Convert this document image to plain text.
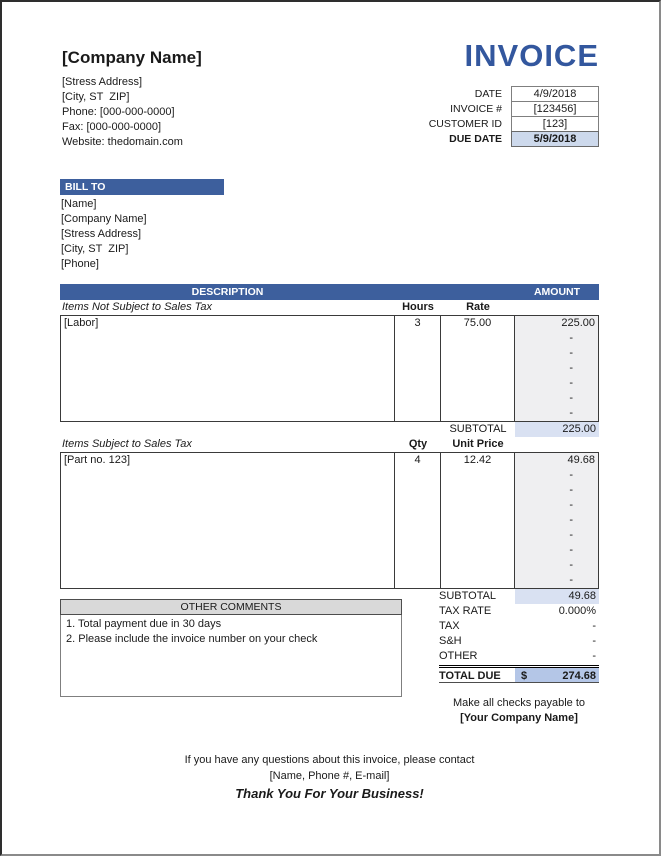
[Company Name]
[Stress Address]
[City, ST  ZIP]
Phone: [000-000-0000]
Fax: [000-000-0000]
Website: thedomain.com
INVOICE
DATE	4/9/2018
INVOICE #	[123456]
CUSTOMER ID	[123]
DUE DATE	5/9/2018
BILL TO
[Name]
[Company Name]
[Stress Address]
[City, ST  ZIP]
[Phone]
DESCRIPTION	AMOUNT
Items Not Subject to Sales Tax	Hours	Rate
[Labor]	3	75.00	225.00
-
-
-
-
-
-
SUBTOTAL	225.00
Items Subject to Sales Tax	Qty	Unit Price
[Part no. 123]	4	12.42	49.68
-
-
-
-
-
-
-
-
OTHER COMMENTS
1. Total payment due in 30 days
2. Please include the invoice number on your check
SUBTOTAL	49.68
TAX RATE	0.000%
TAX	-
S&H	-
OTHER	-
TOTAL DUE	$	274.68
Make all checks payable to
[Your Company Name]
If you have any questions about this invoice, please contact
[Name, Phone #, E-mail]
Thank You For Your Business!
